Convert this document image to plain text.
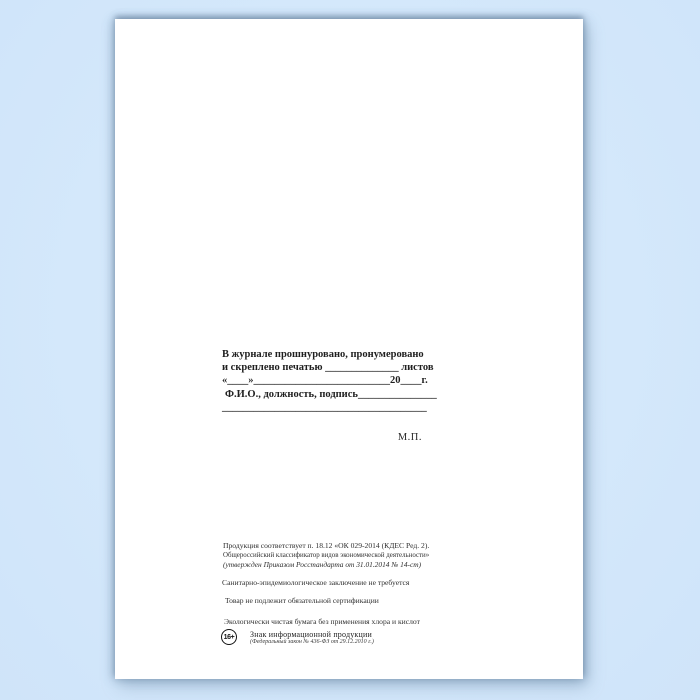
В журнале прошнуровано, пронумеровано
и скреплено печатью ______________ листов
«____»__________________________20____г.
Ф.И.О., должность, подпись_______________
_______________________________________
М.П.
Продукция соответствует п. 18.12 «ОК 029-2014 (КДЕС Ред. 2).
Общероссийский классификатор видов экономической деятельности»
(утвержден Приказом Росстандарта от 31.01.2014 № 14-ст)
Санитарно-эпидемиологическое заключение не требуется
Товар не подлежит обязательной сертификации
Экологически чистая бумага без применения хлора и кислот
16+	Знак информационной продукции
(Федеральный закон № 436-ФЗ от 29.12.2010 г.)
